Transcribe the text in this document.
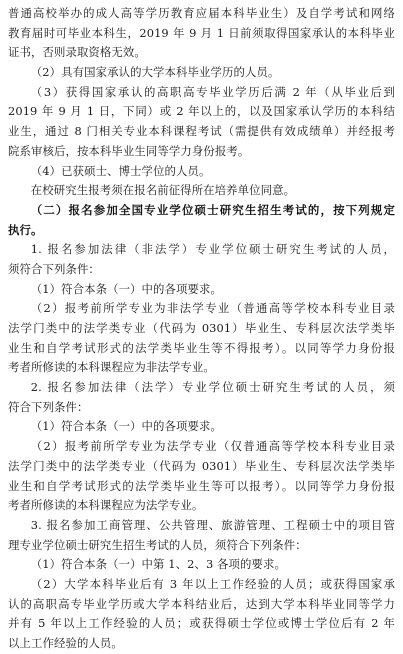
普通高校举办的成人高等学历教育应届本科毕业生）及自学考试和网络
教育届时可毕业本科生，2019 年 9 月 1 日前须取得国家承认的本科毕业
证书，否则录取资格无效。
（2）具有国家承认的大学本科毕业学历的人员。
（3）获得国家承认的高职高专毕业学历后满 2 年（从毕业后到
2019 年 9 月 1 日，下同）或 2 年以上的，以及国家承认学历的本科结
业生，通过 8 门相关专业本科课程考试（需提供有效成绩单）并经报考
院系审核后，按本科毕业生同等学力身份报考。
（4）已获硕士、博士学位的人员。
在校研究生报考须在报名前征得所在培养单位同意。
（二）报名参加全国专业学位硕士研究生招生考试的，按下列规定
执行。
1. 报名参加法律（非法学）专业学位硕士研究生考试的人员，
须符合下列条件：
（1）符合本条（一）中的各项要求。
（2）报考前所学专业为非法学专业（普通高等学校本科专业目录
法学门类中的法学类专业（代码为 0301）毕业生、专科层次法学类毕
业生和自学考试形式的法学类毕业生等不得报考）。以同等学力身份报
考者所修读的本科课程应为非法学专业。
2. 报名参加法律（法学）专业学位硕士研究生考试的人员，须
符合下列条件：
（1）符合本条（一）中的各项要求。
（2）报考前所学专业为法学专业（仅普通高等学校本科专业目录
法学门类中的法学类专业（代码为 0301）毕业生、专科层次法学类毕
业生和自学考试形式的法学类毕业生等可以报考）。以同等学力身份报
考者所修读的本科课程应为法学专业。
3. 报名参加工商管理、公共管理、旅游管理、工程硕士中的项目管
理专业学位硕士研究生招生考试的人员，须符合下列条件：
（1）符合本条（一）中第 1、2、3 各项的要求。
（2）大学本科毕业后有 3 年以上工作经验的人员；或获得国家承
认的高职高专毕业学历或大学本科结业后，达到大学本科毕业同等学力
并有 5 年以上工作经验的人员；或获得硕士学位或博士学位后有 2 年
以上工作经验的人员。
